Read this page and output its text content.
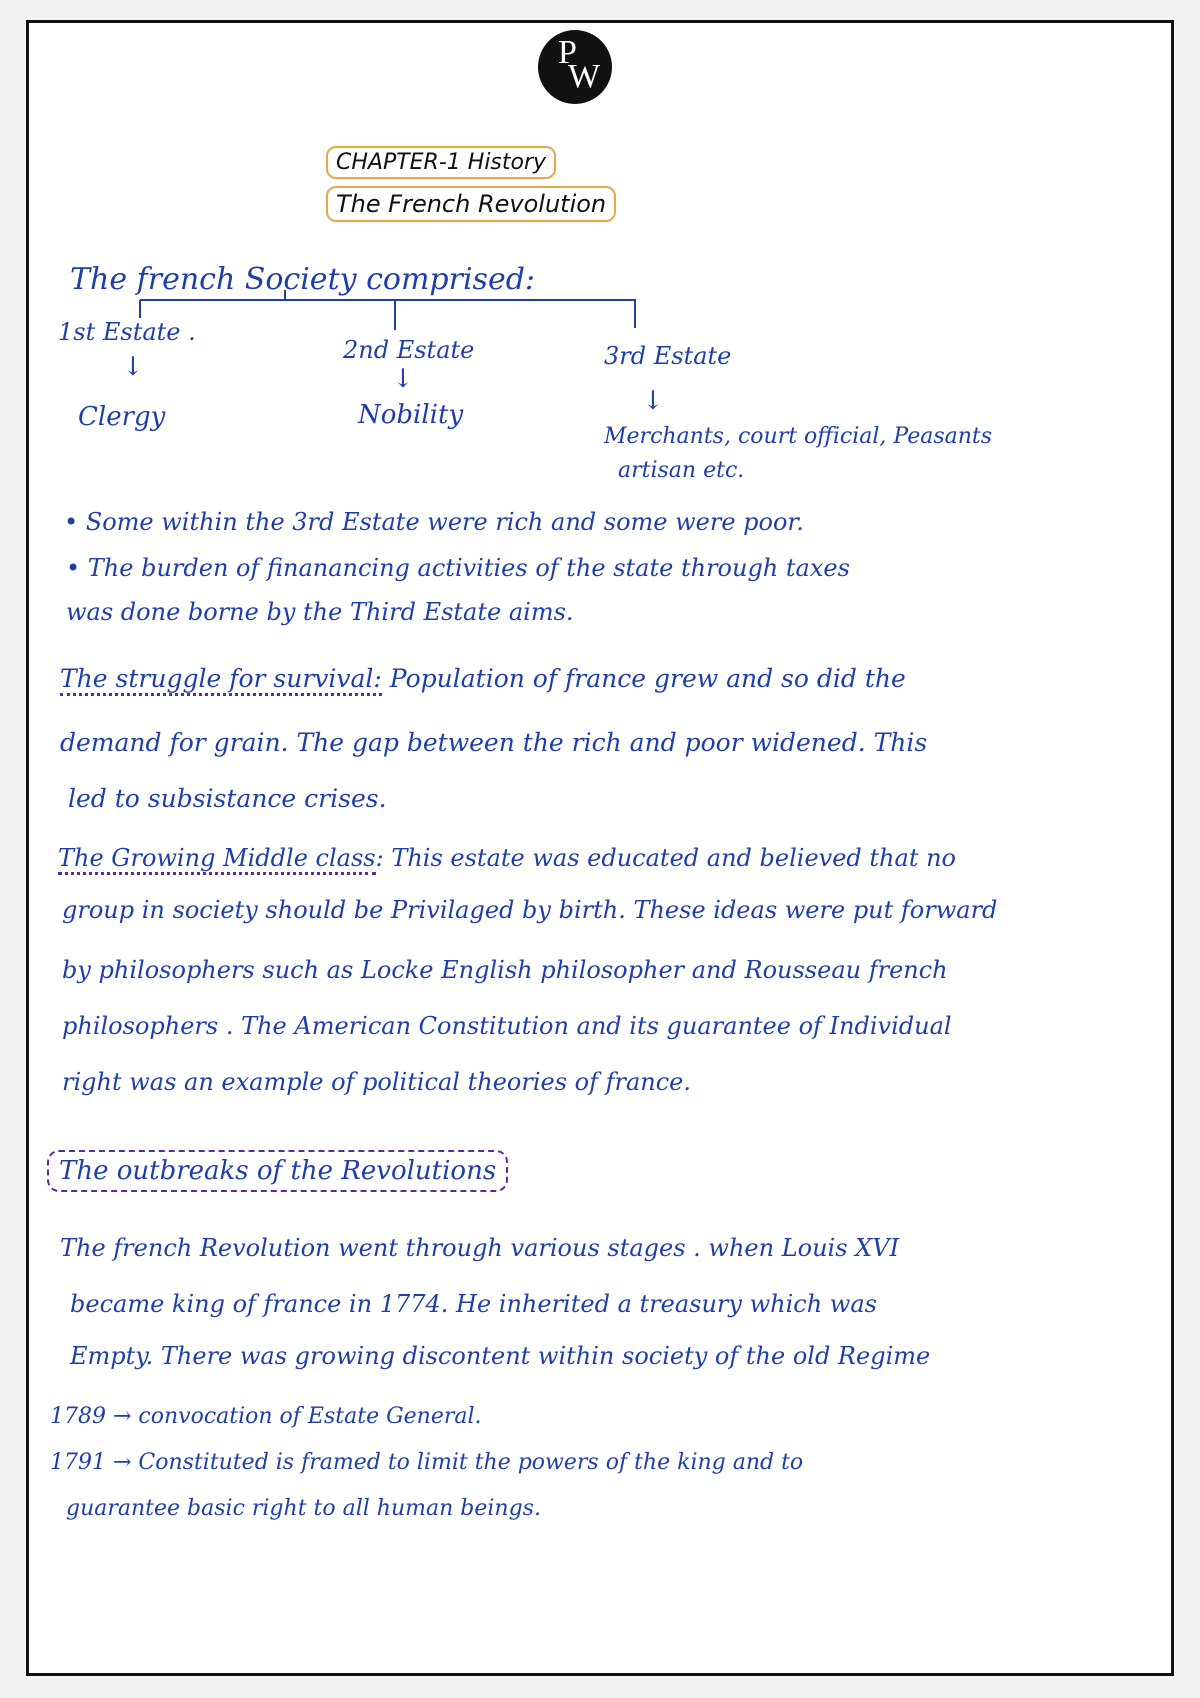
P
W
CHAPTER-1 History
The French Revolution
The french Society comprised:
1st Estate .
2nd Estate	3rd Estate
↓	↓
↓
Clergy	Nobility
Merchants, court official, Peasants
artisan etc.
• Some within the 3rd Estate were rich and some were poor.
• The burden of finanancing activities of the state through taxes
was done borne by the Third Estate aims.
The struggle for survival: Population of france grew and so did the
demand for grain. The gap between the rich and poor widened. This
led to subsistance crises.
The Growing Middle class: This estate was educated and believed that no
group in society should be Privilaged by birth. These ideas were put forward
by philosophers such as Locke English philosopher and Rousseau french
philosophers . The American Constitution and its guarantee of Individual
right was an example of political theories of france.
The outbreaks of the Revolutions
The french Revolution went through various stages . when Louis XVI
became king of france in 1774. He inherited a treasury which was
Empty. There was growing discontent within society of the old Regime
1789 → convocation of Estate General.
1791 → Constituted is framed to limit the powers of the king and to
guarantee basic right to all human beings.
